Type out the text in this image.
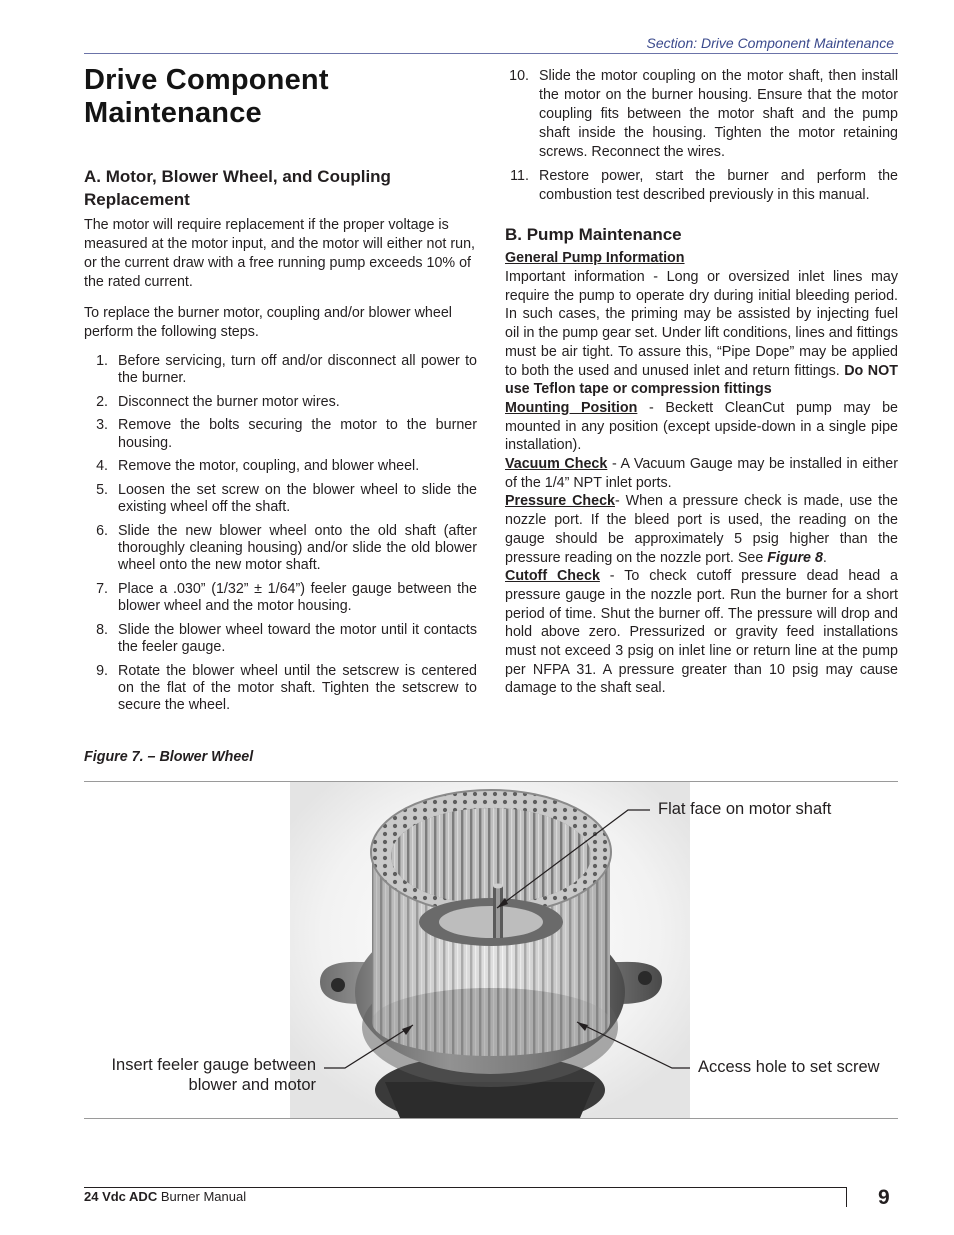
Section: Drive Component Maintenance
Drive Component
Maintenance
A. Motor, Blower Wheel, and Coupling Replacement

The motor will require replacement if the proper voltage is measured at the motor input, and the motor will either not run, or the current draw with a free running pump exceeds 10% of the rated current.

To replace the burner motor, coupling and/or blower wheel perform the following steps.

1. Before servicing, turn off and/or disconnect all power to the burner.
2. Disconnect the burner motor wires.
3. Remove the bolts securing the motor to the burner housing.
4. Remove the motor, coupling, and blower wheel.
5. Loosen the set screw on the blower wheel to slide the existing wheel off the shaft.
6. Slide the new blower wheel onto the old shaft (after thoroughly cleaning housing) and/or slide the old blower wheel onto the new motor shaft.
7. Place a .030” (1/32” ± 1/64”) feeler gauge between the blower wheel and the motor housing.
8. Slide the blower wheel toward the motor until it contacts the feeler gauge.
9. Rotate the blower wheel until the setscrew is centered on the flat of the motor shaft. Tighten the setscrew to secure the wheel.
10. Slide the motor coupling on the motor shaft, then install the motor on the burner housing. Ensure that the motor coupling fits between the motor shaft and the pump shaft inside the housing. Tighten the motor retaining screws. Reconnect the wires.
11. Restore power, start the burner and perform the combustion test described previously in this manual.
B. Pump Maintenance

General Pump Information

Important information - Long or oversized inlet lines may require the pump to operate dry during initial bleeding period. In such cases, the priming may be assisted by injecting fuel oil in the pump gear set. Under lift conditions, lines and fittings must be air tight. To assure this, “Pipe Dope” may be applied to both the used and unused inlet and return fittings. Do NOT use Teflon tape or compression fittings

Mounting Position - Beckett CleanCut pump may be mounted in any position (except upside-down in a single pipe installation).

Vacuum Check - A Vacuum Gauge may be installed in either of the 1/4” NPT inlet ports.

Pressure Check- When a pressure check is made, use the nozzle port. If the bleed port is used, the reading on the gauge should be approximately 5 psig higher than the pressure reading on the nozzle port. See Figure 8.

Cutoff Check - To check cutoff pressure dead head a pressure gauge in the nozzle port. Run the burner for a short period of time. Shut the burner off. The pressure will drop and hold above zero. Pressurized or gravity feed installations must not exceed 3 psig on inlet line or return line at the pump per NFPA 31. A pressure greater than 10 psig may cause damage to the shaft seal.

Figure 7. – Blower Wheel
Flat face on motor shaft
Insert feeler gauge between
blower and motor
Access hole to set screw
24 Vdc ADC Burner Manual	9
